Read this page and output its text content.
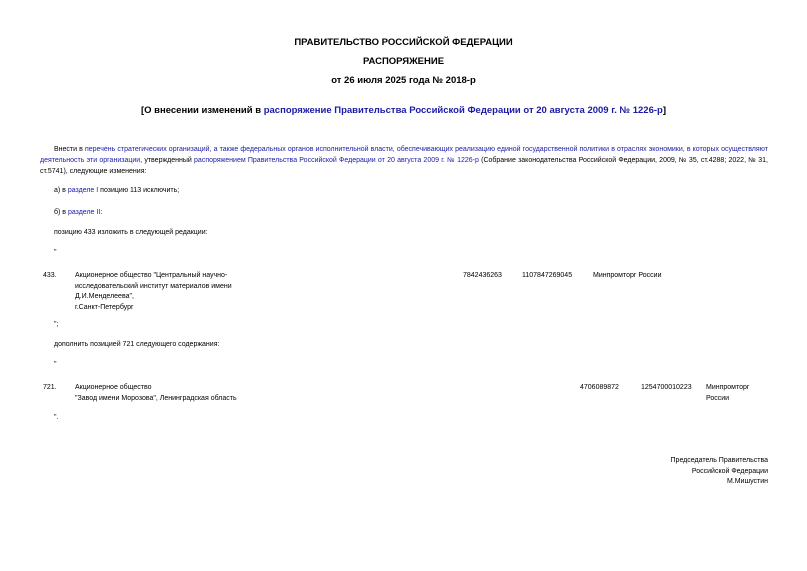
ПРАВИТЕЛЬСТВО РОССИЙСКОЙ ФЕДЕРАЦИИ
РАСПОРЯЖЕНИЕ
от 26 июля 2025 года № 2018-р
[О внесении изменений в распоряжение Правительства Российской Федерации от 20 августа 2009 г. № 1226-р]
Внести в перечень стратегических организаций, а также федеральных органов исполнительной власти, обеспечивающих реализацию единой государственной политики в отраслях экономики, в которых осуществляют деятельность эти организации, утвержденный распоряжением Правительства Российской Федерации от 20 августа 2009 г. № 1226-р (Собрание законодательства Российской Федерации, 2009, № 35, ст.4288; 2022, № 31, ст.5741), следующие изменения:
а) в разделе I позицию 113 исключить;
б) в разделе II:
позицию 433 изложить в следующей редакции:
"
433.	Акционерное общество "Центральный научно-
исследовательский институт материалов имени
Д.И.Менделеева",
г.Санкт-Петербург
7842436263	1107847269045	Минпромторг России
";
дополнить позицией 721 следующего содержания:
"
721.	Акционерное общество
"Завод имени Морозова", Ленинградская область
4706089872	1254700010223 Минпромторг
России
".
Председатель Правительства
Российской Федерации
М.Мишустин
